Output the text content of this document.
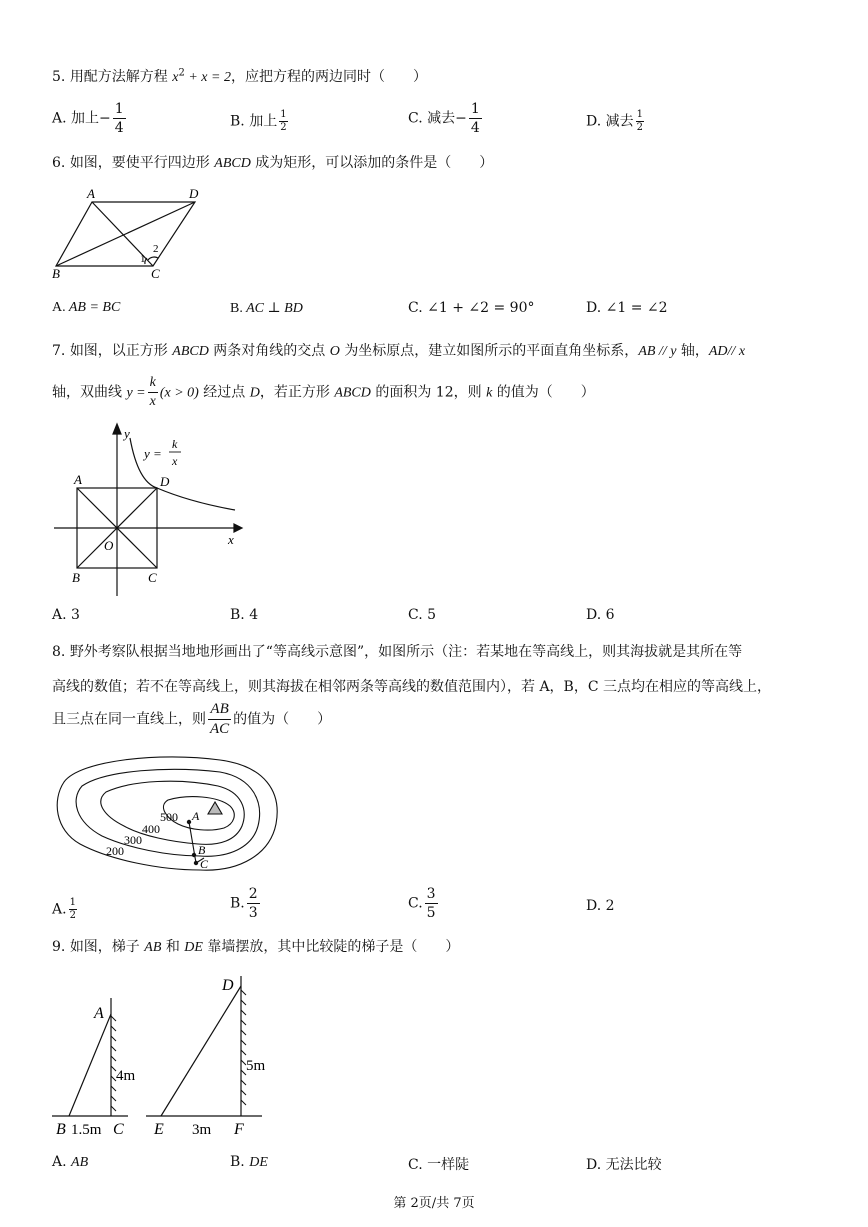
5. 用配方法解方程 $x^2 + x = 2$，应把方程的两边同时（　　）
A. 加上− $\frac{1}{4}$	B. 加上 $\frac{1}{2}$	C. 减去− $\frac{1}{4}$	D. 减去 $\frac{1}{2}$
6. 如图，要使平行四边形 ABCD 成为矩形，可以添加的条件是（　　）
A	D
B	C
1
2
A. AB = BC	B. AC ⊥ BD	C. ∠1 + ∠2 = 90°	D. ∠1 = ∠2
7. 如图，以正方形 ABCD 两条对角线的交点 O 为坐标原点，建立如图所示的平面直角坐标系，AB // y 轴，AD// x
轴，双曲线 $y = \frac{k}{x} (x > 0)$ 经过点 D，若正方形 ABCD 的面积为 12，则 k 的值为（　　）
y
x
A	D
B	C
O
y =
k
x
A. 3	B. 4	C. 5	D. 6
8. 野外考察队根据当地地形画出了“等高线示意图”，如图所示（注：若某地在等高线上，则其海拔就是其所在等
高线的数值；若不在等高线上，则其海拔在相邻两条等高线的数值范围内），若 A，B，C 三点均在相应的等高线上，
且三点在同一直线上，则 $\frac{AB}{AC}$ 的值为（　　）
500
400
300
200
A
B
C
A. $\frac{1}{2}$	B. $\frac{2}{3}$	C. $\frac{3}{5}$	D. 2
9. 如图，梯子 AB 和 DE 靠墙摆放，其中比较陡的梯子是（　　）
A
B	C
4m
1.5m
D
E	F
5m
3m
A. AB	B. DE	C. 一样陡	D. 无法比较
第 2页/共 7页
